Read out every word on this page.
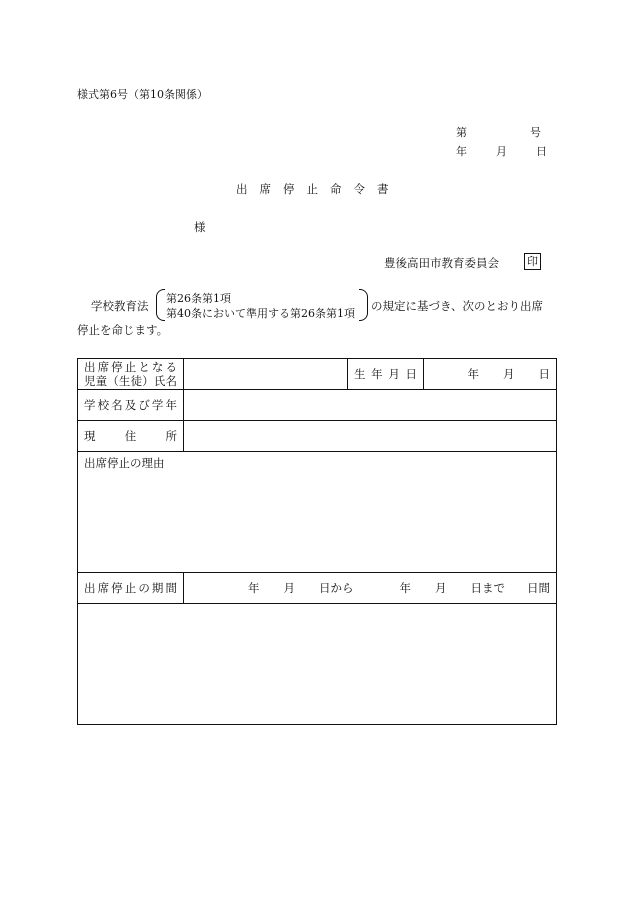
様式第6号（第10条関係）
第	号
年	月	日
出席停止命令書
様
豊後高田市教育委員会	印
学校教育法
第26条第1項
第40条において準用する第26条第1項
の規定に基づき、次のとおり出席
停止を命じます。
出席停止となる
児童（生徒）氏名		生年月日	年 月 日
学校名及び学年			
現住所			
出席停止の理由			
出席停止の期間	年 月 日から 年 月 日まで 日間		
